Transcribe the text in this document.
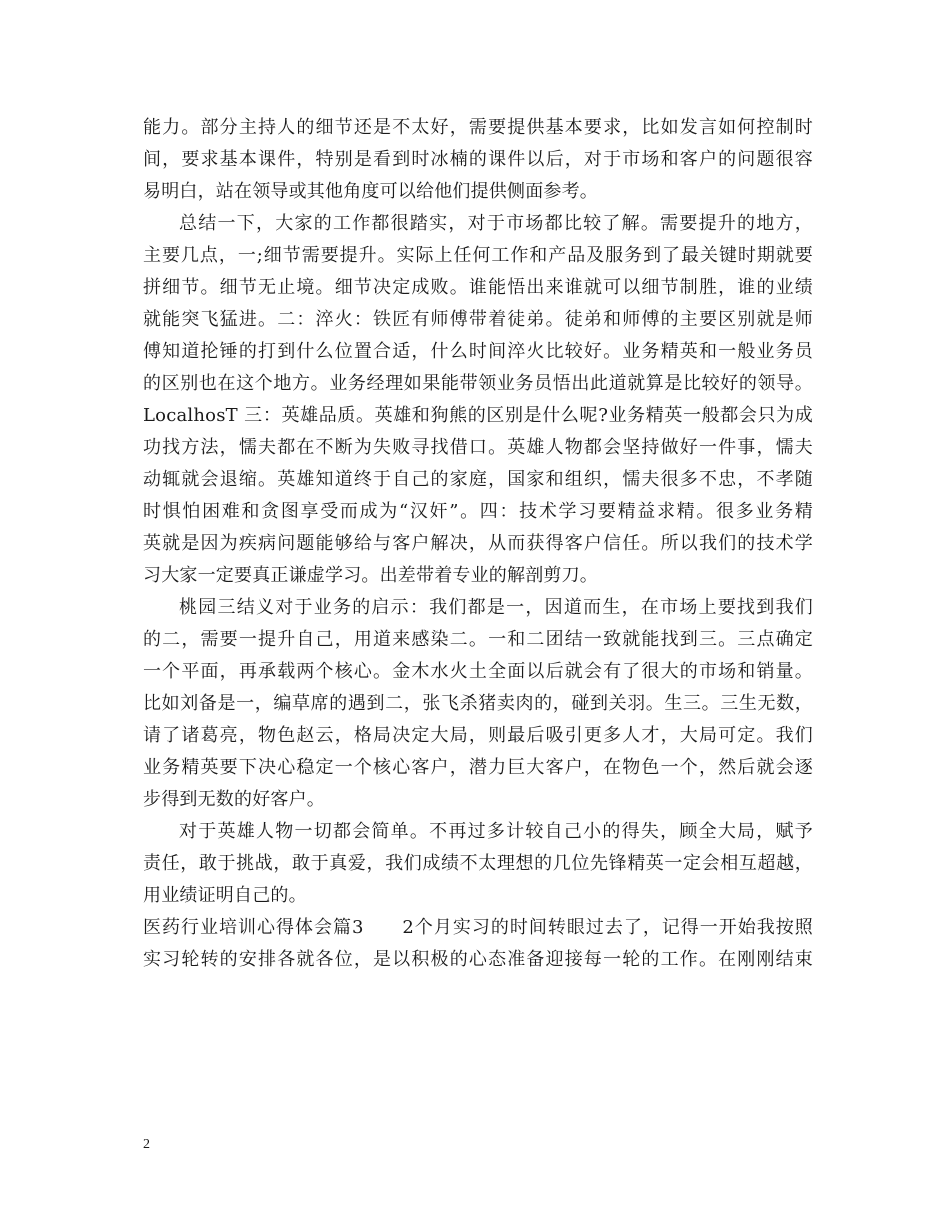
能力。部分主持人的细节还是不太好，需要提供基本要求，比如发言如何控制时
间，要求基本课件，特别是看到时冰楠的课件以后，对于市场和客户的问题很容
易明白，站在领导或其他角度可以给他们提供侧面参考。
总结一下，大家的工作都很踏实，对于市场都比较了解。需要提升的地方，
主要几点，一;细节需要提升。实际上任何工作和产品及服务到了最关键时期就要
拼细节。细节无止境。细节决定成败。谁能悟出来谁就可以细节制胜，谁的业绩
就能突飞猛进。二：淬火：铁匠有师傅带着徒弟。徒弟和师傅的主要区别就是师
傅知道抡锤的打到什么位置合适，什么时间淬火比较好。业务精英和一般业务员
的区别也在这个地方。业务经理如果能带领业务员悟出此道就算是比较好的领导。
LocalhosT 三：英雄品质。英雄和狗熊的区别是什么呢?业务精英一般都会只为成
功找方法，懦夫都在不断为失败寻找借口。英雄人物都会坚持做好一件事，懦夫
动辄就会退缩。英雄知道终于自己的家庭，国家和组织，懦夫很多不忠，不孝随
时惧怕困难和贪图享受而成为“汉奸”。四：技术学习要精益求精。很多业务精
英就是因为疾病问题能够给与客户解决，从而获得客户信任。所以我们的技术学
习大家一定要真正谦虚学习。出差带着专业的解剖剪刀。
桃园三结义对于业务的启示：我们都是一，因道而生，在市场上要找到我们
的二，需要一提升自己，用道来感染二。一和二团结一致就能找到三。三点确定
一个平面，再承载两个核心。金木水火土全面以后就会有了很大的市场和销量。
比如刘备是一，编草席的遇到二，张飞杀猪卖肉的，碰到关羽。生三。三生无数，
请了诸葛亮，物色赵云，格局决定大局，则最后吸引更多人才，大局可定。我们
业务精英要下决心稳定一个核心客户，潜力巨大客户，在物色一个，然后就会逐
步得到无数的好客户。
对于英雄人物一切都会简单。不再过多计较自己小的得失，顾全大局，赋予
责任，敢于挑战，敢于真爱，我们成绩不太理想的几位先锋精英一定会相互超越，
用业绩证明自己的。
医药行业培训心得体会篇3　　2个月实习的时间转眼过去了，记得一开始我按照
实习轮转的安排各就各位，是以积极的心态准备迎接每一轮的工作。在刚刚结束
2
